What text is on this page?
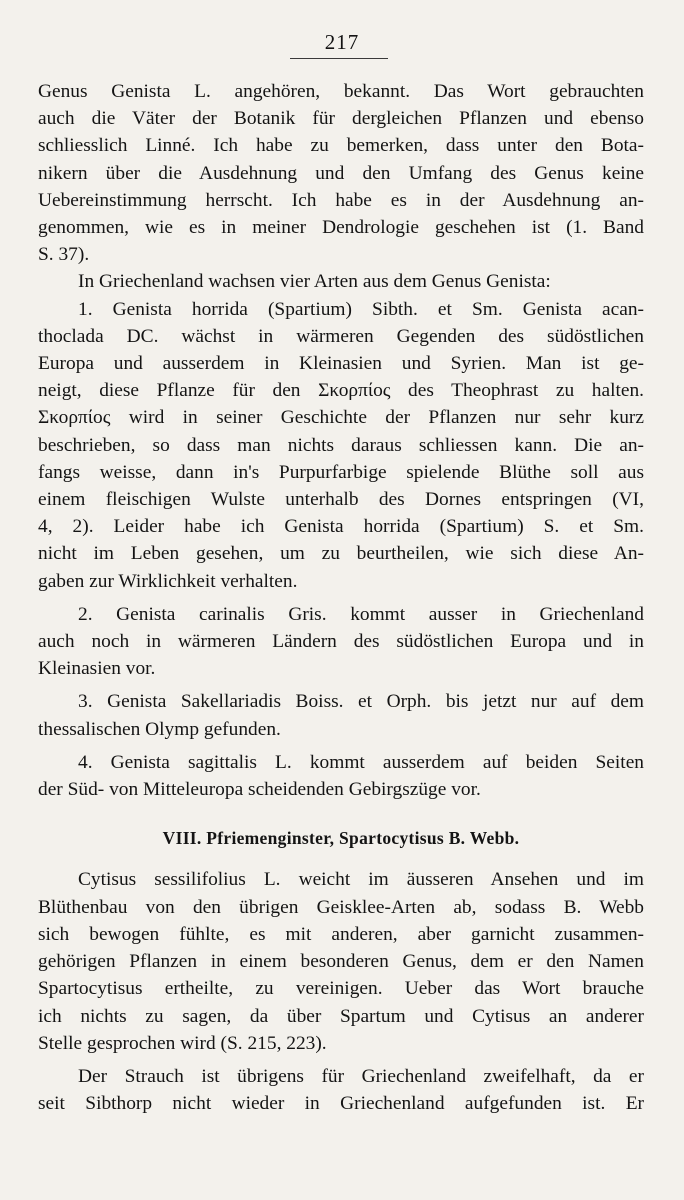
217
Genus Genista L. angehören, bekannt. Das Wort gebrauchten
auch die Väter der Botanik für dergleichen Pflanzen und ebenso
schliesslich Linné. Ich habe zu bemerken, dass unter den Bota-
nikern über die Ausdehnung und den Umfang des Genus keine
Uebereinstimmung herrscht. Ich habe es in der Ausdehnung an-
genommen, wie es in meiner Dendrologie geschehen ist (1. Band
S. 37).
In Griechenland wachsen vier Arten aus dem Genus Genista:
1. Genista horrida (Spartium) Sibth. et Sm. Genista acan-
thoclada DC. wächst in wärmeren Gegenden des südöstlichen
Europa und ausserdem in Kleinasien und Syrien. Man ist ge-
neigt, diese Pflanze für den Σκορπίος des Theophrast zu halten.
Σκορπίος wird in seiner Geschichte der Pflanzen nur sehr kurz
beschrieben, so dass man nichts daraus schliessen kann. Die an-
fangs weisse, dann in's Purpurfarbige spielende Blüthe soll aus
einem fleischigen Wulste unterhalb des Dornes entspringen (VI,
4, 2). Leider habe ich Genista horrida (Spartium) S. et Sm.
nicht im Leben gesehen, um zu beurtheilen, wie sich diese An-
gaben zur Wirklichkeit verhalten.
2. Genista carinalis Gris. kommt ausser in Griechenland
auch noch in wärmeren Ländern des südöstlichen Europa und in
Kleinasien vor.
3. Genista Sakellariadis Boiss. et Orph. bis jetzt nur auf dem
thessalischen Olymp gefunden.
4. Genista sagittalis L. kommt ausserdem auf beiden Seiten
der Süd- von Mitteleuropa scheidenden Gebirgszüge vor.
VIII. Pfriemenginster, Spartocytisus B. Webb.
Cytisus sessilifolius L. weicht im äusseren Ansehen und im
Blüthenbau von den übrigen Geisklee-Arten ab, sodass B. Webb
sich bewogen fühlte, es mit anderen, aber garnicht zusammen-
gehörigen Pflanzen in einem besonderen Genus, dem er den Namen
Spartocytisus ertheilte, zu vereinigen. Ueber das Wort brauche
ich nichts zu sagen, da über Spartum und Cytisus an anderer
Stelle gesprochen wird (S. 215, 223).
Der Strauch ist übrigens für Griechenland zweifelhaft, da er
seit Sibthorp nicht wieder in Griechenland aufgefunden ist. Er
